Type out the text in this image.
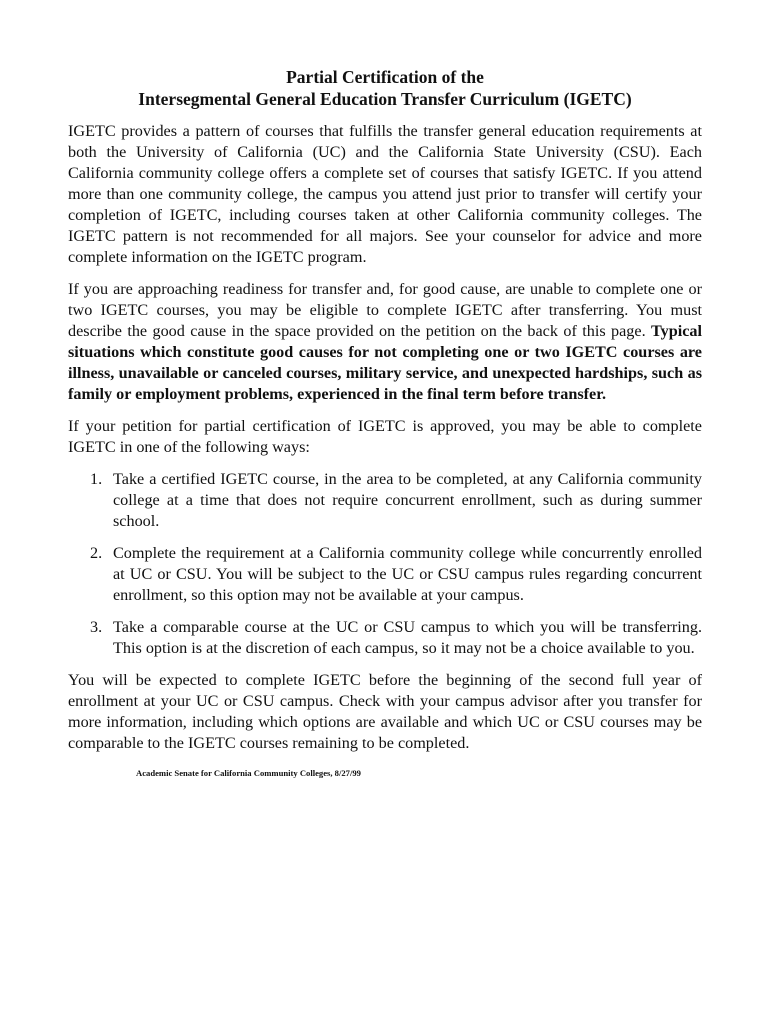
Partial Certification of the
Intersegmental General Education Transfer Curriculum (IGETC)

IGETC provides a pattern of courses that fulfills the transfer general education requirements at both the University of California (UC) and the California State University (CSU). Each California community college offers a complete set of courses that satisfy IGETC. If you attend more than one community college, the campus you attend just prior to transfer will certify your completion of IGETC, including courses taken at other California community colleges. The IGETC pattern is not recommended for all majors. See your counselor for advice and more complete information on the IGETC program.

If you are approaching readiness for transfer and, for good cause, are unable to complete one or two IGETC courses, you may be eligible to complete IGETC after transferring. You must describe the good cause in the space provided on the petition on the back of this page. Typical situations which constitute good causes for not completing one or two IGETC courses are illness, unavailable or canceled courses, military service, and unexpected hardships, such as family or employment problems, experienced in the final term before transfer.

If your petition for partial certification of IGETC is approved, you may be able to complete IGETC in one of the following ways:

1. Take a certified IGETC course, in the area to be completed, at any California community college at a time that does not require concurrent enrollment, such as during summer school.
2. Complete the requirement at a California community college while concurrently enrolled at UC or CSU. You will be subject to the UC or CSU campus rules regarding concurrent enrollment, so this option may not be available at your campus.
3. Take a comparable course at the UC or CSU campus to which you will be transferring. This option is at the discretion of each campus, so it may not be a choice available to you.

You will be expected to complete IGETC before the beginning of the second full year of enrollment at your UC or CSU campus. Check with your campus advisor after you transfer for more information, including which options are available and which UC or CSU courses may be comparable to the IGETC courses remaining to be completed.

Academic Senate for California Community Colleges, 8/27/99
